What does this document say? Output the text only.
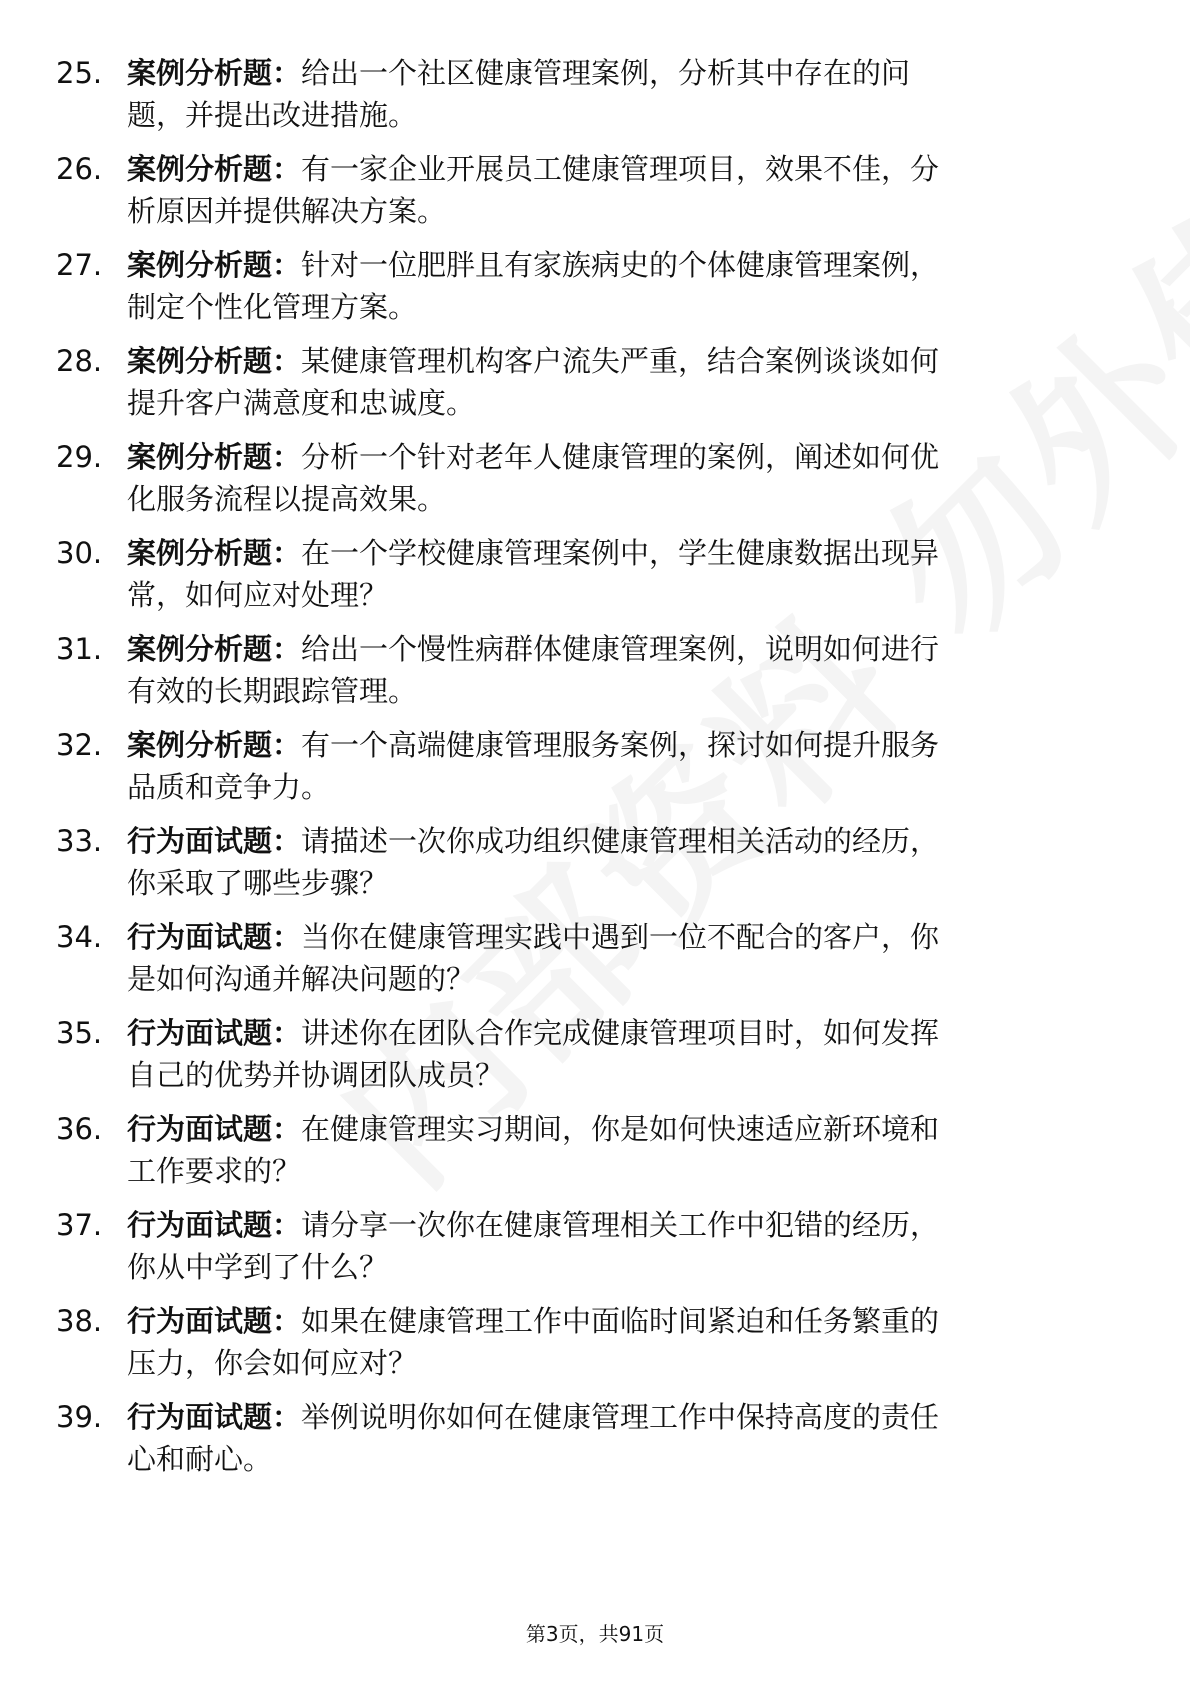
25. 案例分析题：给出一个社区健康管理案例，分析其中存在的问
题，并提出改进措施。
26. 案例分析题：有一家企业开展员工健康管理项目，效果不佳，分
析原因并提供解决方案。
27. 案例分析题：针对一位肥胖且有家族病史的个体健康管理案例，
制定个性化管理方案。
28. 案例分析题：某健康管理机构客户流失严重，结合案例谈谈如何
提升客户满意度和忠诚度。
29. 案例分析题：分析一个针对老年人健康管理的案例，阐述如何优
化服务流程以提高效果。
30. 案例分析题：在一个学校健康管理案例中，学生健康数据出现异
常，如何应对处理？
31. 案例分析题：给出一个慢性病群体健康管理案例，说明如何进行
有效的长期跟踪管理。
32. 案例分析题：有一个高端健康管理服务案例，探讨如何提升服务
品质和竞争力。
33. 行为面试题：请描述一次你成功组织健康管理相关活动的经历，
你采取了哪些步骤？
34. 行为面试题：当你在健康管理实践中遇到一位不配合的客户，你
是如何沟通并解决问题的？
35. 行为面试题：讲述你在团队合作完成健康管理项目时，如何发挥
自己的优势并协调团队成员？
36. 行为面试题：在健康管理实习期间，你是如何快速适应新环境和
工作要求的？
37. 行为面试题：请分享一次你在健康管理相关工作中犯错的经历，
你从中学到了什么？
38. 行为面试题：如果在健康管理工作中面临时间紧迫和任务繁重的
压力，你会如何应对？
39. 行为面试题：举例说明你如何在健康管理工作中保持高度的责任
心和耐心。
第3页，共91页
